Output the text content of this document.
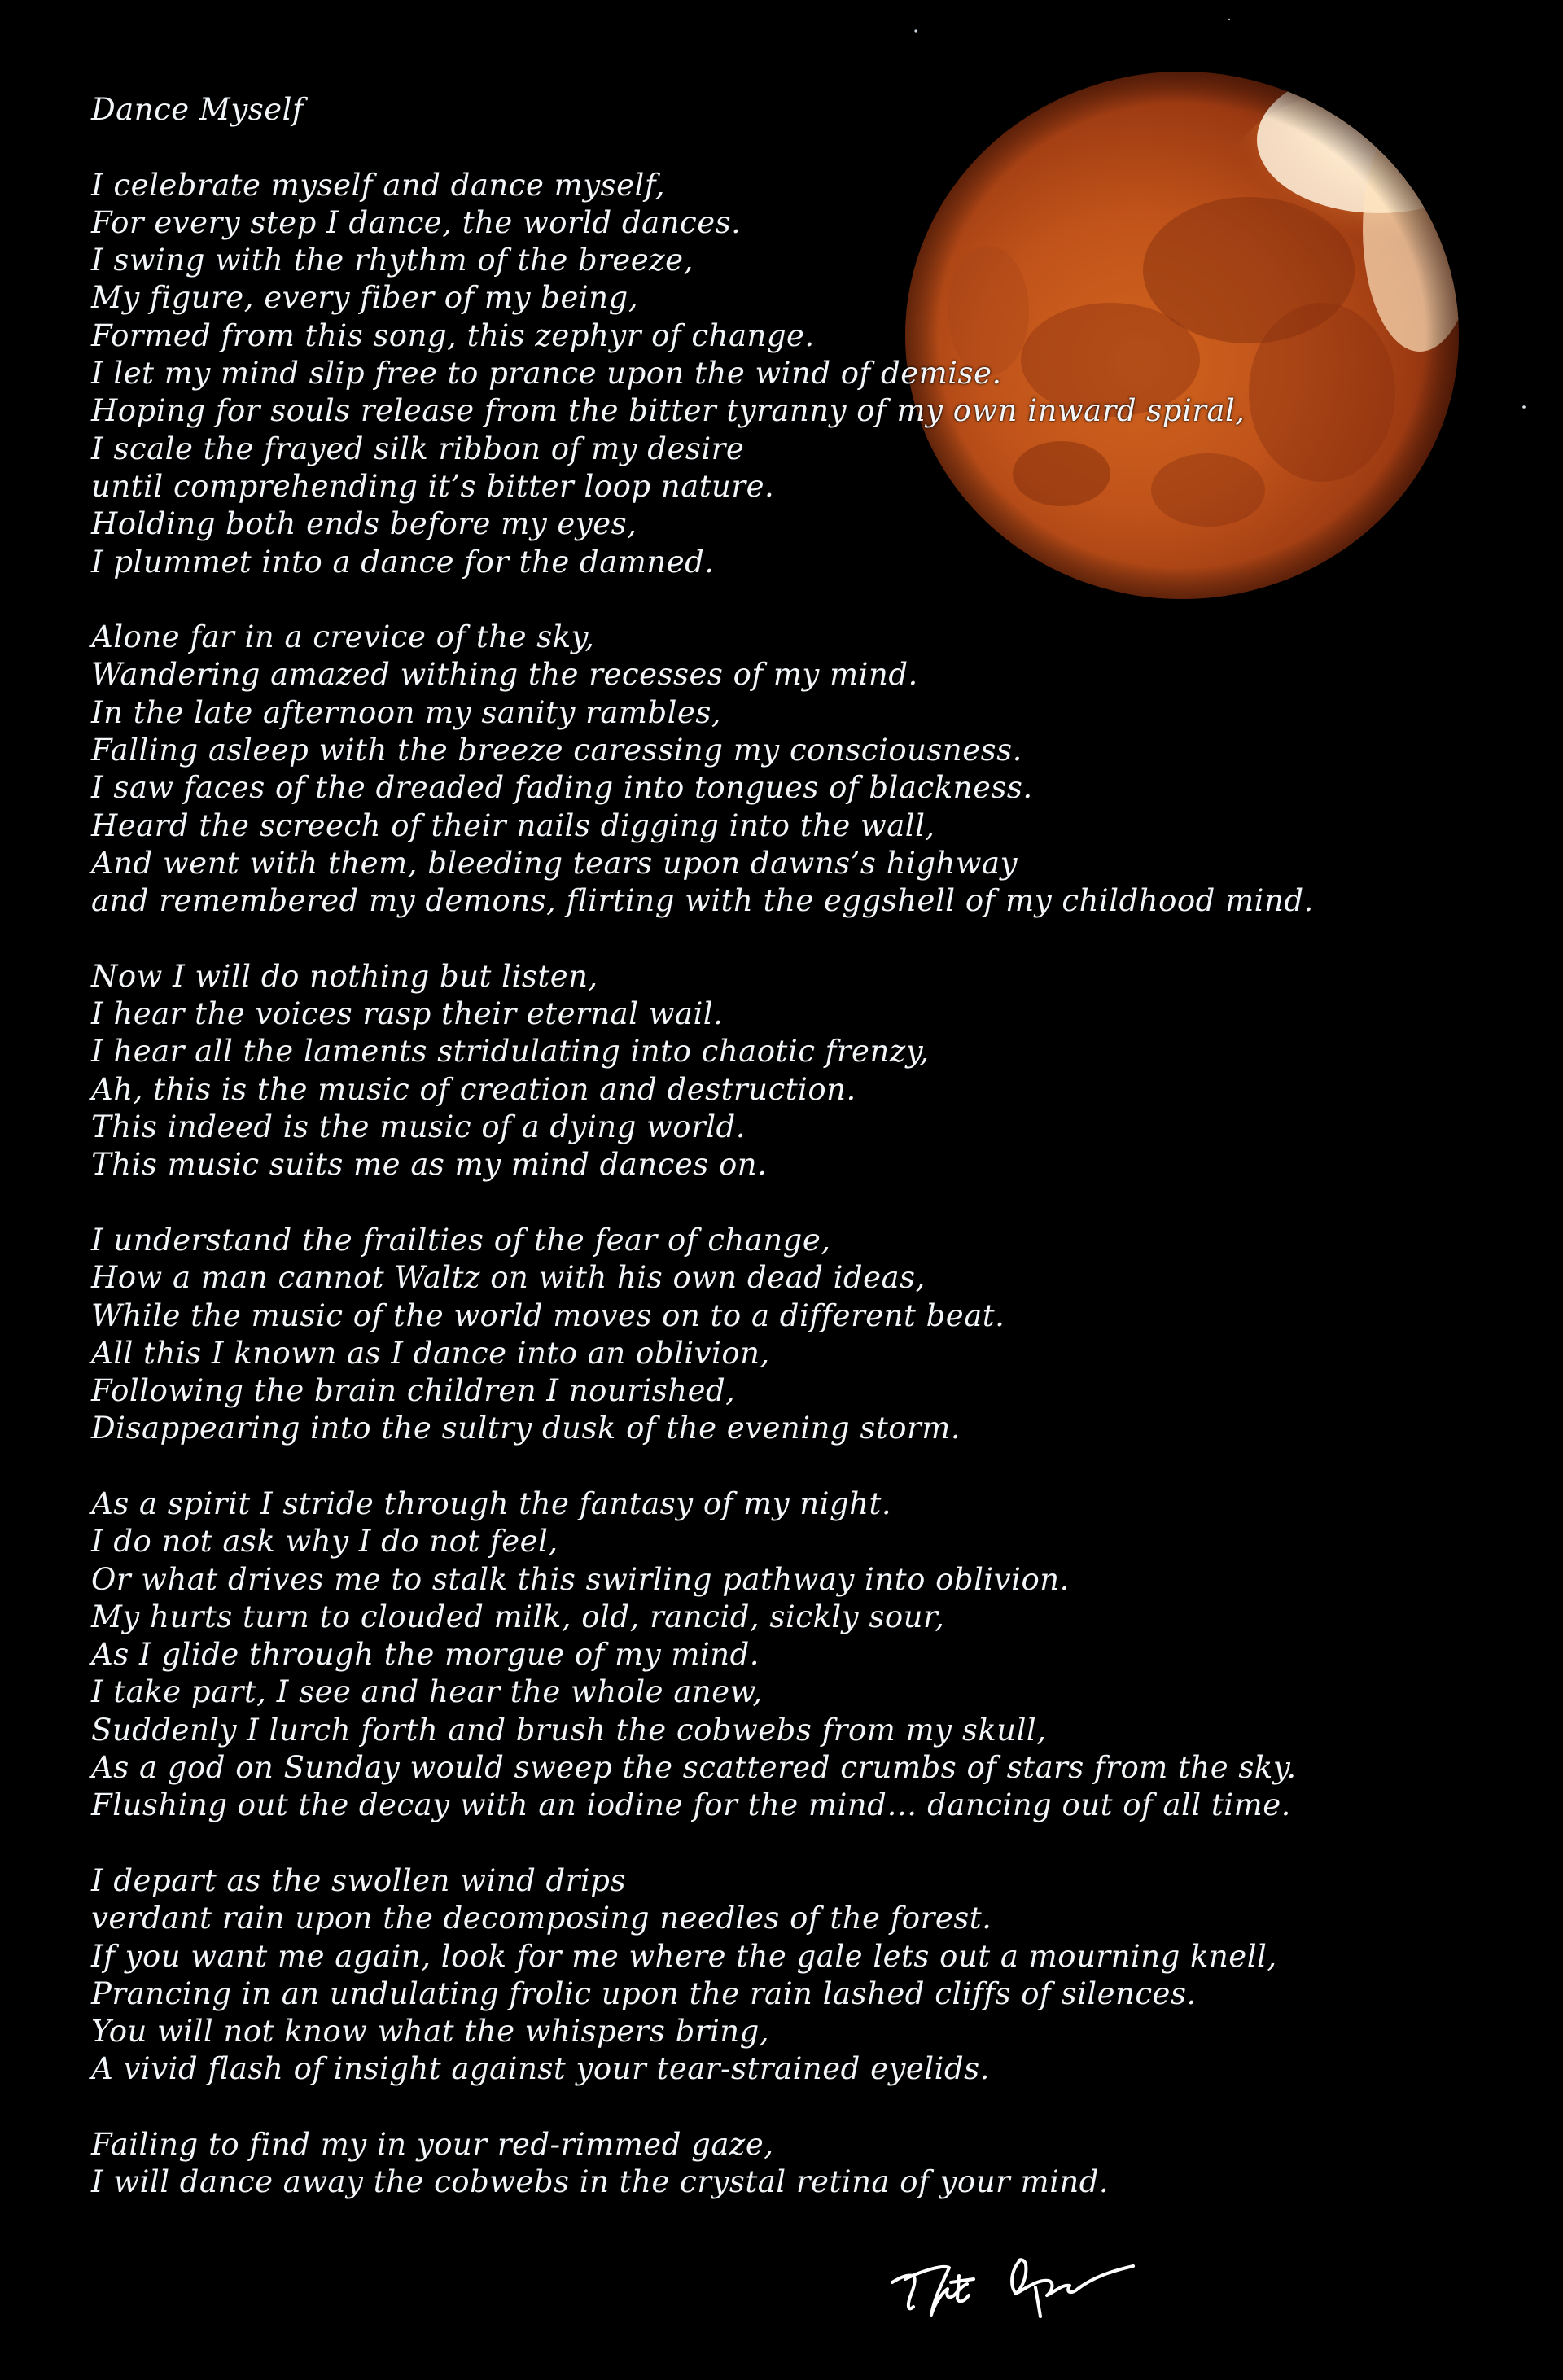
Dance Myself
I celebrate myself and dance myself,
For every step I dance, the world dances.
I swing with the rhythm of the breeze,
My figure, every fiber of my being,
Formed from this song, this zephyr of change.
I let my mind slip free to prance upon the wind of demise.
Hoping for souls release from the bitter tyranny of my own inward spiral,
I scale the frayed silk ribbon of my desire
until comprehending it’s bitter loop nature.
Holding both ends before my eyes,
I plummet into a dance for the damned.
Alone far in a crevice of the sky,
Wandering amazed withing the recesses of my mind.
In the late afternoon my sanity rambles,
Falling asleep with the breeze caressing my consciousness.
I saw faces of the dreaded fading into tongues of blackness.
Heard the screech of their nails digging into the wall,
And went with them, bleeding tears upon dawns’s highway
and remembered my demons, flirting with the eggshell of my childhood mind.
Now I will do nothing but listen,
I hear the voices rasp their eternal wail.
I hear all the laments stridulating into chaotic frenzy,
Ah, this is the music of creation and destruction.
This indeed is the music of a dying world.
This music suits me as my mind dances on.
I understand the frailties of the fear of change,
How a man cannot Waltz on with his own dead ideas,
While the music of the world moves on to a different beat.
All this I known as I dance into an oblivion,
Following the brain children I nourished,
Disappearing into the sultry dusk of the evening storm.
As a spirit I stride through the fantasy of my night.
I do not ask why I do not feel,
Or what drives me to stalk this swirling pathway into oblivion.
My hurts turn to clouded milk, old, rancid, sickly sour,
As I glide through the morgue of my mind.
I take part, I see and hear the whole anew,
Suddenly I lurch forth and brush the cobwebs from my skull,
As a god on Sunday would sweep the scattered crumbs of stars from the sky.
Flushing out the decay with an iodine for the mind… dancing out of all time.
I depart as the swollen wind drips
verdant rain upon the decomposing needles of the forest.
If you want me again, look for me where the gale lets out a mourning knell,
Prancing in an undulating frolic upon the rain lashed cliffs of silences.
You will not know what the whispers bring,
A vivid flash of insight against your tear-strained eyelids.
Failing to find my in your red-rimmed gaze,
I will dance away the cobwebs in the crystal retina of your mind.
